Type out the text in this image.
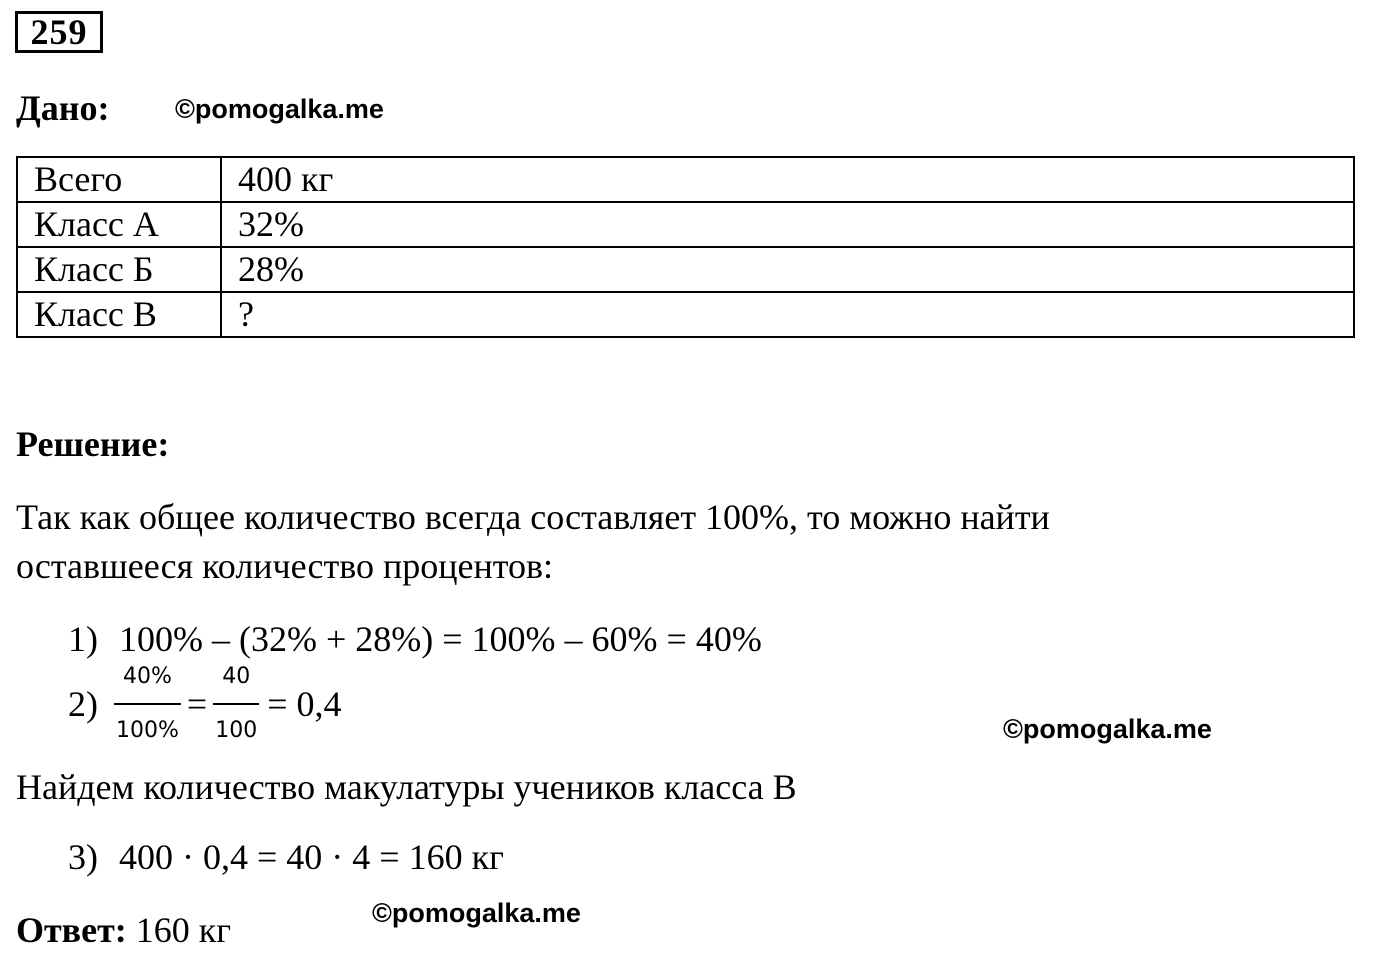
259
Дано: ©pomogalka.me
Всего	400 кг
Класс А	32%
Класс Б	28%
Класс В	?
Решение:
Так как общее количество всегда составляет 100%, то можно найти
оставшееся количество процентов:
1) 100% – (32% + 28%) = 100% – 60% = 40%
$2) \frac{40\%}{100\%} = \frac{40}{100} = 0,4$
©pomogalka.me
Найдем количество макулатуры учеников класса В
3) 400 · 0,4 = 40 · 4 = 160 кг
Ответ: 160 кг	©pomogalka.me
